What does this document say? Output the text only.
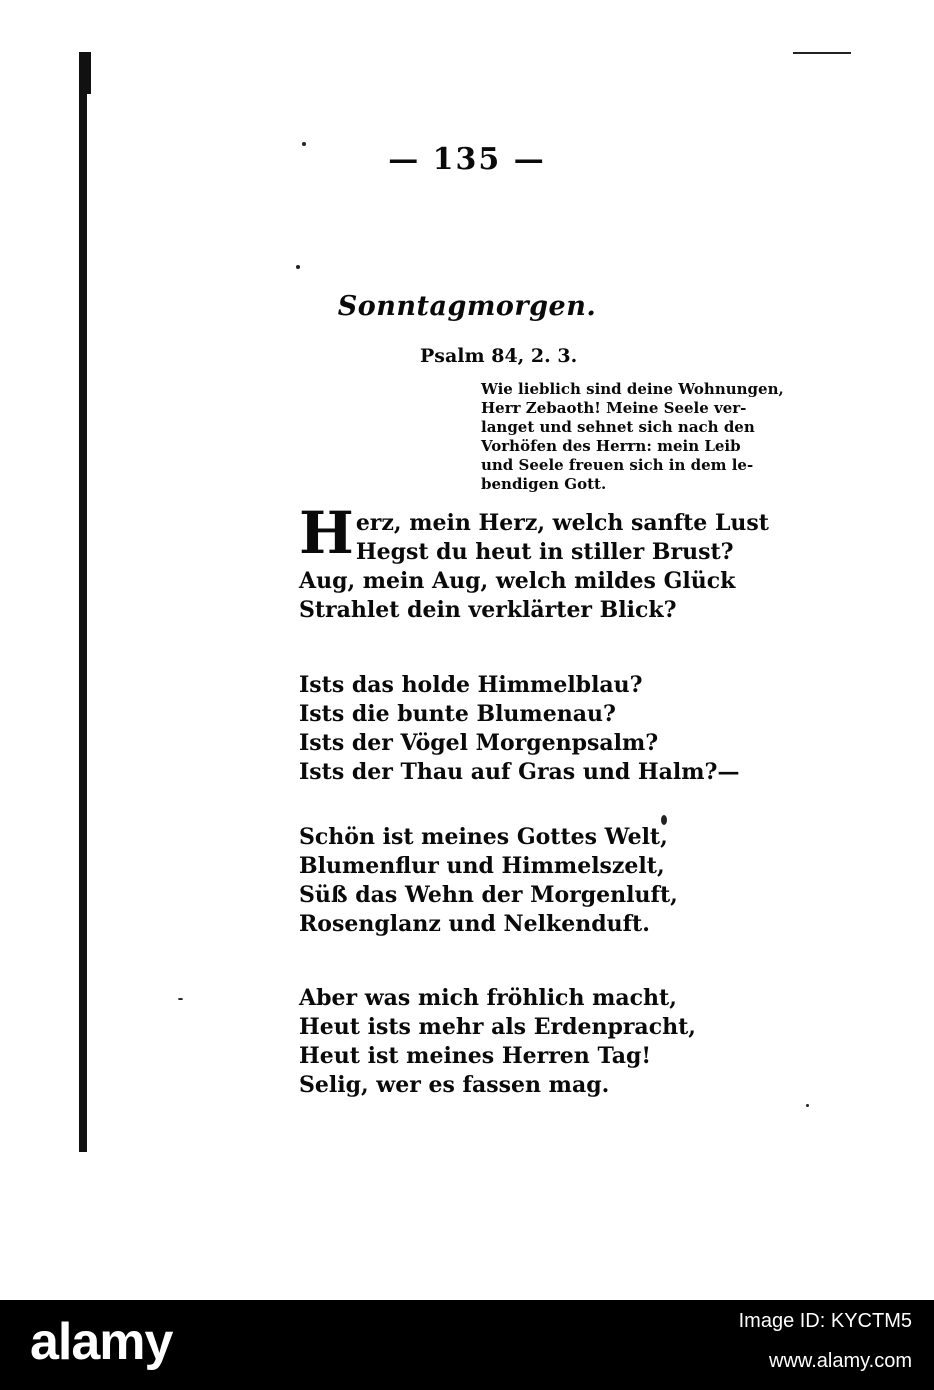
— 135 —
Sonntagmorgen.
Psalm 84, 2. 3.
Wie lieblich sind deine Wohnungen,
Herr Zebaoth! Meine Seele ver-
langet und sehnet sich nach den
Vorhöfen des Herrn: mein Leib
und Seele freuen sich in dem le-
bendigen Gott.
H erz, mein Herz, welch sanfte Lust
Hegst du heut in stiller Brust?
Aug, mein Aug, welch mildes Glück
Strahlet dein verklärter Blick?
Ists das holde Himmelblau?
Ists die bunte Blumenau?
Ists der Vögel Morgenpsalm?
Ists der Thau auf Gras und Halm?—
Schön ist meines Gottes Welt,
Blumenflur und Himmelszelt,
Süß das Wehn der Morgenluft,
Rosenglanz und Nelkenduft.
Aber was mich fröhlich macht,
Heut ists mehr als Erdenpracht,
Heut ist meines Herren Tag!
Selig, wer es fassen mag.
alamy	Image ID: KYCTM5
www.alamy.com
